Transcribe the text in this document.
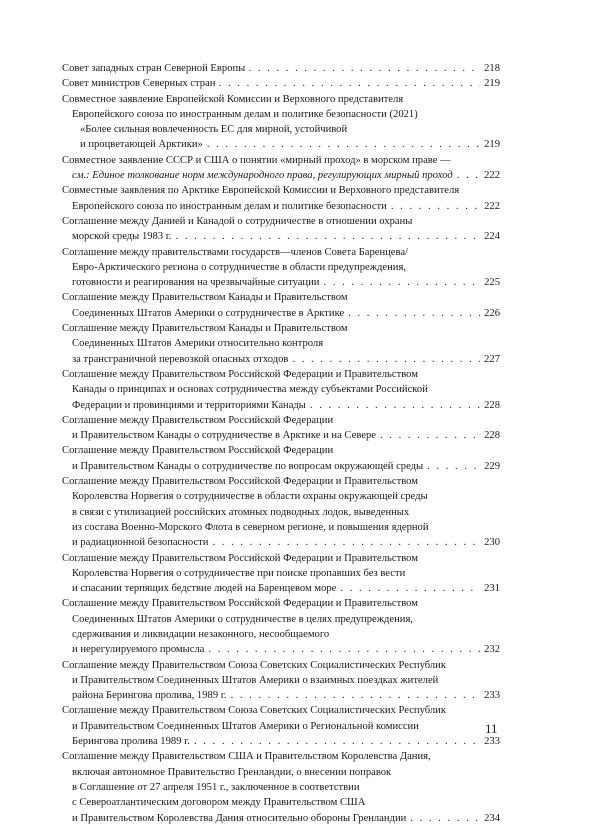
Совет западных стран Северной Европы . . .	218
Совет министров Северных стран . . .	219
Совместное заявление Европейской Комиссии и Верховного представителя
Европейского союза по иностранным делам и политике безопасности (2021)
«Более сильная вовлеченность ЕС для мирной, устойчивой
и процветающей Арктики» . . .	219
Совместное заявление СССР и США о понятии «мирный проход» в морском праве —
см.: Единое толкование норм международного права, регулирующих мирный проход . . .	222
Совместные заявления по Арктике Европейской Комиссии и Верховного представителя
Европейского союза по иностранным делам и политике безопасности . . .	222
Соглашение между Данией и Канадой о сотрудничестве в отношении охраны
морской среды 1983 г. . . .	224
Соглашение между правительствами государств—членов Совета Баренцева/
Евро-Арктического региона о сотрудничестве в области предупреждения,
готовности и реагирования на чрезвычайные ситуации . . .	225
Соглашение между Правительством Канады и Правительством
Соединенных Штатов Америки о сотрудничестве в Арктике . . .	226
Соглашение между Правительством Канады и Правительством
Соединенных Штатов Америки относительно контроля
за трансграничной перевозкой опасных отходов . . .	227
Соглашение между Правительством Российской Федерации и Правительством
Канады о принципах и основах сотрудничества между субъектами Российской
Федерации и провинциями и территориями Канады . . .	228
Соглашение между Правительством Российской Федерации
и Правительством Канады о сотрудничестве в Арктике и на Севере . . .	228
Соглашение между Правительством Российской Федерации
и Правительством Канады о сотрудничестве по вопросам окружающей среды . . .	229
Соглашение между Правительством Российской Федерации и Правительством
Королевства Норвегия о сотрудничестве в области охраны окружающей среды
в связи с утилизацией российских атомных подводных лодок, выведенных
из состава Военно-Морского Флота в северном регионе, и повышения ядерной
и радиационной безопасности . . .	230
Соглашение между Правительством Российской Федерации и Правительством
Королевства Норвегия о сотрудничестве при поиске пропавших без вести
и спасании терпящих бедствие людей на Баренцевом море . . .	231
Соглашение между Правительством Российской Федерации и Правительством
Соединенных Штатов Америки о сотрудничестве в целях предупреждения,
сдерживания и ликвидации незаконного, несообщаемого
и нерегулируемого промысла . . .	232
Соглашение между Правительством Союза Советских Социалистических Республик
и Правительством Соединенных Штатов Америки о взаимных поездках жителей
района Берингова пролива, 1989 г. . . .	233
Соглашение между Правительством Союза Советских Социалистических Республик
и Правительством Соединенных Штатов Америки о Региональной комиссии
Берингова пролива 1989 г. . . .	233
Соглашение между Правительством США и Правительством Королевства Дания,
включая автономное Правительство Гренландии, о внесении поправок
в Соглашение от 27 апреля 1951 г., заключенное в соответствии
с Североатлантическим договором между Правительством США
и Правительством Королевства Дания относительно обороны Гренландии . . .	234
11
